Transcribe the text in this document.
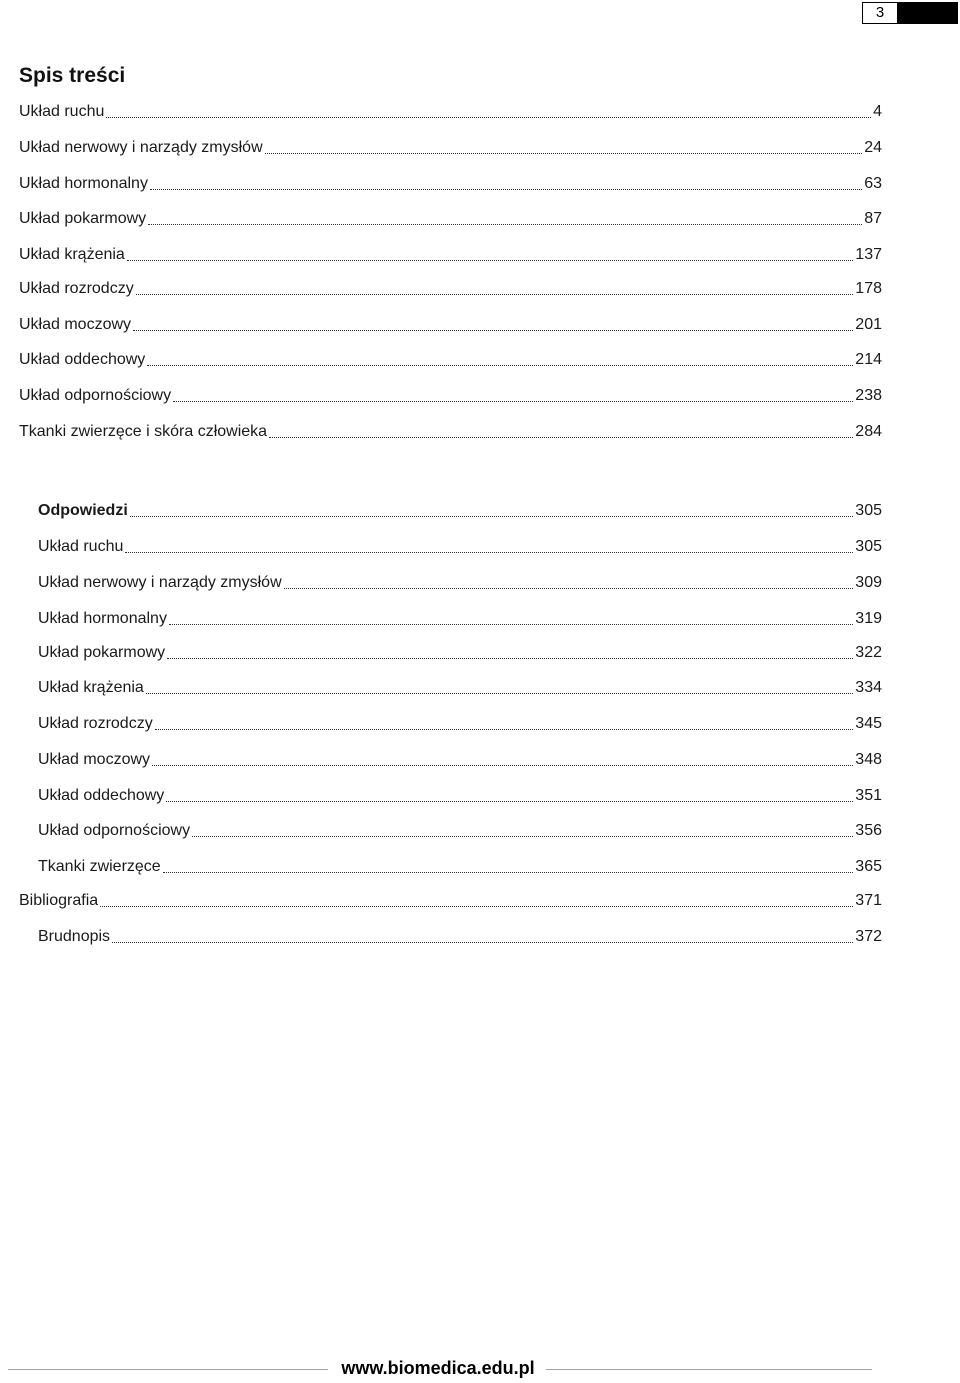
3
Spis treści
Układ ruchu	4
Układ nerwowy i narządy zmysłów	24
Układ hormonalny	63
Układ pokarmowy	87
Układ krążenia	137
Układ rozrodczy	178
Układ moczowy	201
Układ oddechowy	214
Układ odpornościowy	238
Tkanki zwierzęce i skóra człowieka	284
Odpowiedzi	305
Układ ruchu	305
Układ nerwowy i narządy zmysłów	309
Układ hormonalny	319
Układ pokarmowy	322
Układ krążenia	334
Układ rozrodczy	345
Układ moczowy	348
Układ oddechowy	351
Układ odpornościowy	356
Tkanki zwierzęce	365
Bibliografia	371
Brudnopis	372
www.biomedica.edu.pl
